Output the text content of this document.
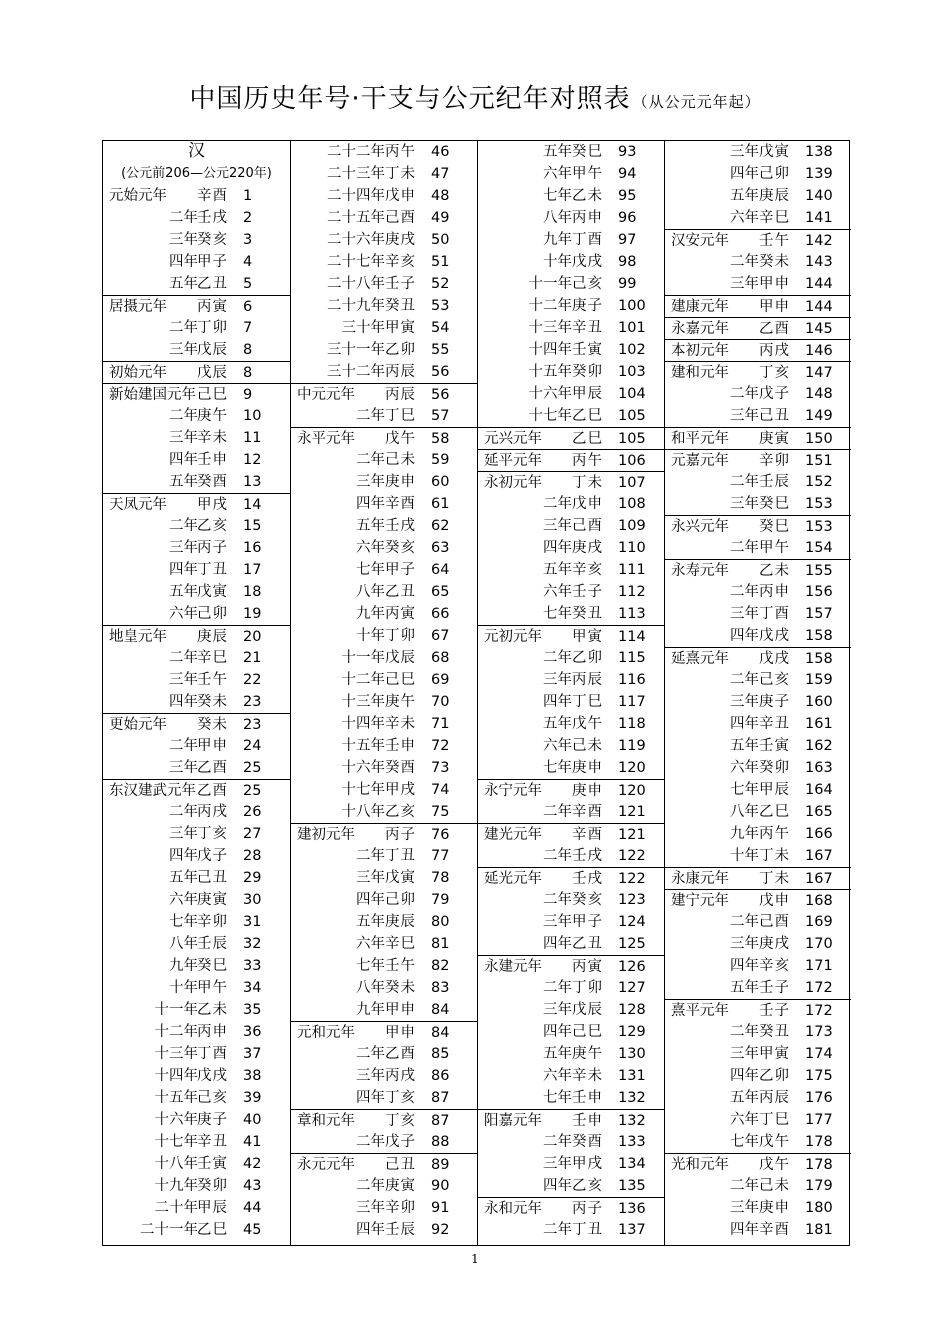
中国历史年号·干支与公元纪年对照表 （从公元元年起）
汉
(公元前206—公元220年)
元始元年 辛酉 1
二年 壬戌 2
三年 癸亥 3
四年 甲子 4
五年 乙丑 5
居摄元年 丙寅 6
二年 丁卯 7
三年 戊辰 8
初始元年 戊辰 8
新始建国元年 己巳 9
二年 庚午 10
三年 辛未 11
四年 壬申 12
五年 癸酉 13
天凤元年 甲戌 14
二年 乙亥 15
三年 丙子 16
四年 丁丑 17
五年 戊寅 18
六年 己卯 19
地皇元年 庚辰 20
二年 辛巳 21
三年 壬午 22
四年 癸未 23
更始元年 癸未 23
二年 甲申 24
三年 乙酉 25
东汉建武元年 乙酉 25
二年 丙戌 26
三年 丁亥 27
四年 戊子 28
五年 己丑 29
六年 庚寅 30
七年 辛卯 31
八年 壬辰 32
九年 癸巳 33
十年 甲午 34
十一年 乙未 35
十二年 丙申 36
十三年 丁酉 37
十四年 戊戌 38
十五年 己亥 39
十六年 庚子 40
十七年 辛丑 41
十八年 壬寅 42
十九年 癸卯 43
二十年 甲辰 44
二十一年 乙巳 45
二十二年 丙午 46
二十三年 丁未 47
二十四年 戊申 48
二十五年 己酉 49
二十六年 庚戌 50
二十七年 辛亥 51
二十八年 壬子 52
二十九年 癸丑 53
三十年 甲寅 54
三十一年 乙卯 55
三十二年 丙辰 56
中元元年 丙辰 56
二年 丁巳 57
永平元年 戊午 58
二年 己未 59
三年 庚申 60
四年 辛酉 61
五年 壬戌 62
六年 癸亥 63
七年 甲子 64
八年 乙丑 65
九年 丙寅 66
十年 丁卯 67
十一年 戊辰 68
十二年 己巳 69
十三年 庚午 70
十四年 辛未 71
十五年 壬申 72
十六年 癸酉 73
十七年 甲戌 74
十八年 乙亥 75
建初元年 丙子 76
二年 丁丑 77
三年 戊寅 78
四年 己卯 79
五年 庚辰 80
六年 辛巳 81
七年 壬午 82
八年 癸未 83
九年 甲申 84
元和元年 甲申 84
二年 乙酉 85
三年 丙戌 86
四年 丁亥 87
章和元年 丁亥 87
二年 戊子 88
永元元年 己丑 89
二年 庚寅 90
三年 辛卯 91
四年 壬辰 92
五年 癸巳 93
六年 甲午 94
七年 乙未 95
八年 丙申 96
九年 丁酉 97
十年 戊戌 98
十一年 己亥 99
十二年 庚子 100
十三年 辛丑 101
十四年 壬寅 102
十五年 癸卯 103
十六年 甲辰 104
十七年 乙巳 105
元兴元年 乙巳 105
延平元年 丙午 106
永初元年 丁未 107
二年 戊申 108
三年 己酉 109
四年 庚戌 110
五年 辛亥 111
六年 壬子 112
七年 癸丑 113
元初元年 甲寅 114
二年 乙卯 115
三年 丙辰 116
四年 丁巳 117
五年 戊午 118
六年 己未 119
七年 庚申 120
永宁元年 庚申 120
二年 辛酉 121
建光元年 辛酉 121
二年 壬戌 122
延光元年 壬戌 122
二年 癸亥 123
三年 甲子 124
四年 乙丑 125
永建元年 丙寅 126
二年 丁卯 127
三年 戊辰 128
四年 己巳 129
五年 庚午 130
六年 辛未 131
七年 壬申 132
阳嘉元年 壬申 132
二年 癸酉 133
三年 甲戌 134
四年 乙亥 135
永和元年 丙子 136
二年 丁丑 137
三年 戊寅 138
四年 己卯 139
五年 庚辰 140
六年 辛巳 141
汉安元年 壬午 142
二年 癸未 143
三年 甲申 144
建康元年 甲申 144
永嘉元年 乙酉 145
本初元年 丙戌 146
建和元年 丁亥 147
二年 戊子 148
三年 己丑 149
和平元年 庚寅 150
元嘉元年 辛卯 151
二年 壬辰 152
三年 癸巳 153
永兴元年 癸巳 153
二年 甲午 154
永寿元年 乙未 155
二年 丙申 156
三年 丁酉 157
四年 戊戌 158
延熹元年 戊戌 158
二年 己亥 159
三年 庚子 160
四年 辛丑 161
五年 壬寅 162
六年 癸卯 163
七年 甲辰 164
八年 乙巳 165
九年 丙午 166
十年 丁未 167
永康元年 丁未 167
建宁元年 戊申 168
二年 己酉 169
三年 庚戌 170
四年 辛亥 171
五年 壬子 172
熹平元年 壬子 172
二年 癸丑 173
三年 甲寅 174
四年 乙卯 175
五年 丙辰 176
六年 丁巳 177
七年 戊午 178
光和元年 戊午 178
二年 己未 179
三年 庚申 180
四年 辛酉 181
1
